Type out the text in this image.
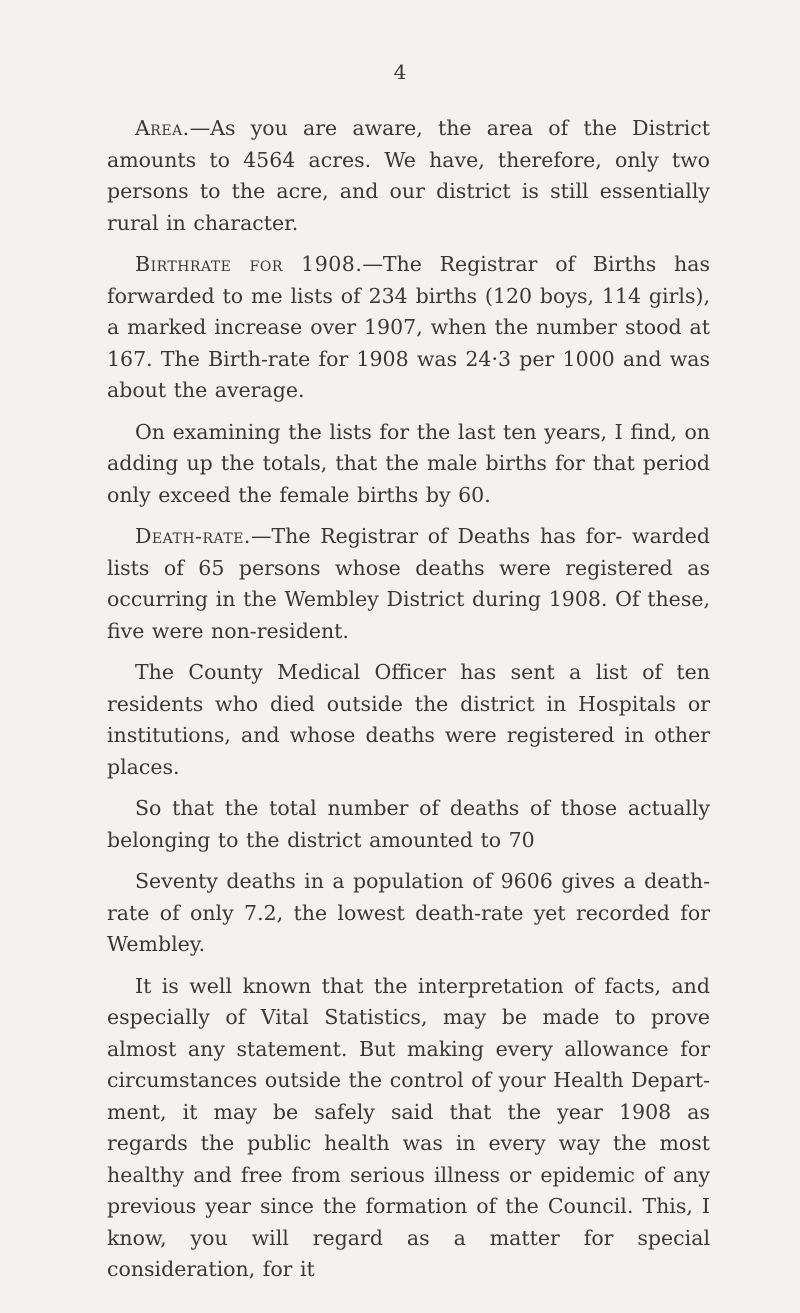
4

Area.—As you are aware, the area of the District amounts to 4564 acres. We have, therefore, only two persons to the acre, and our district is still essentially rural in character.

Birthrate for 1908.—The Registrar of Births has forwarded to me lists of 234 births (120 boys, 114 girls), a marked increase over 1907, when the number stood at 167. The Birth-rate for 1908 was 24·3 per 1000 and was about the average.

On examining the lists for the last ten years, I find, on adding up the totals, that the male births for that period only exceed the female births by 60.

Death-rate.—The Registrar of Deaths has for- warded lists of 65 persons whose deaths were registered as occurring in the Wembley District during 1908. Of these, five were non-resident.

The County Medical Officer has sent a list of ten residents who died outside the district in Hospitals or institutions, and whose deaths were registered in other places.

So that the total number of deaths of those actually belonging to the district amounted to 70

Seventy deaths in a population of 9606 gives a death- rate of only 7.2, the lowest death-rate yet recorded for Wembley.

It is well known that the interpretation of facts, and especially of Vital Statistics, may be made to prove almost any statement. But making every allowance for circumstances outside the control of your Health Depart- ment, it may be safely said that the year 1908 as regards the public health was in every way the most healthy and free from serious illness or epidemic of any previous year since the formation of the Council. This, I know, you will regard as a matter for special consideration, for it
